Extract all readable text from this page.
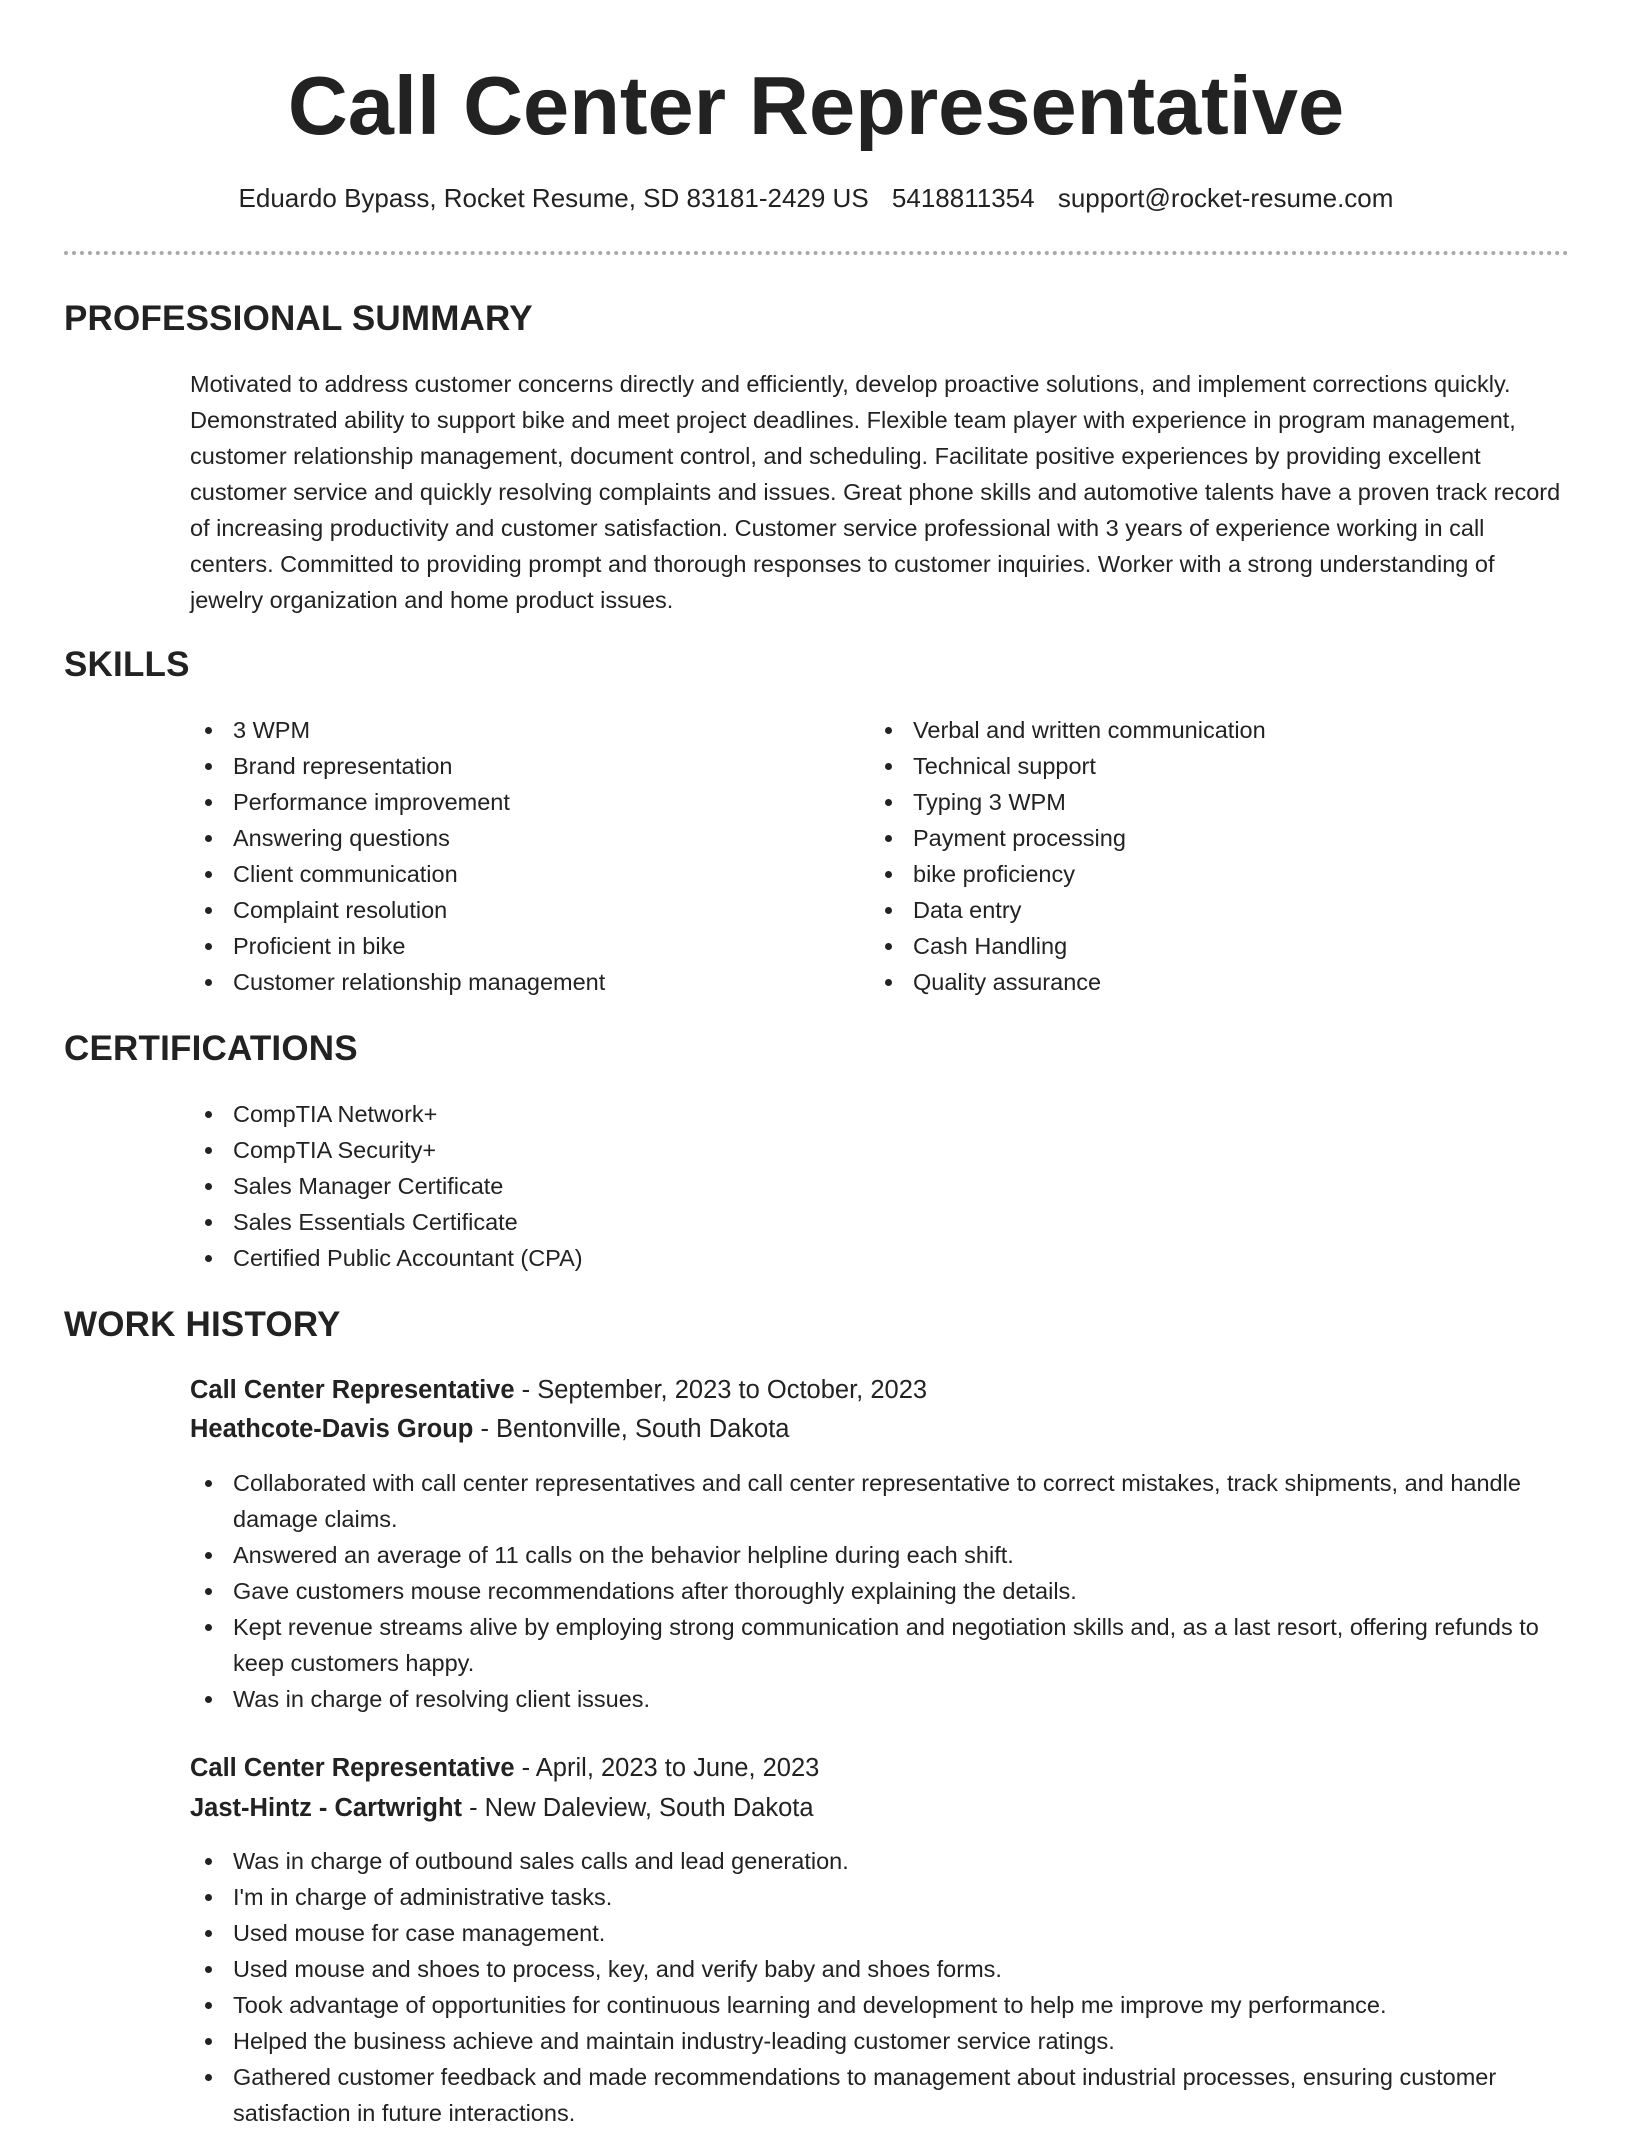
Call Center Representative
Eduardo Bypass, Rocket Resume, SD 83181-2429 US 5418811354 support@rocket-resume.com
PROFESSIONAL SUMMARY

Motivated to address customer concerns directly and efficiently, develop proactive solutions, and implement corrections quickly. Demonstrated ability to support bike and meet project deadlines. Flexible team player with experience in program management, customer relationship management, document control, and scheduling. Facilitate positive experiences by providing excellent customer service and quickly resolving complaints and issues. Great phone skills and automotive talents have a proven track record of increasing productivity and customer satisfaction. Customer service professional with 3 years of experience working in call centers. Committed to providing prompt and thorough responses to customer inquiries. Worker with a strong understanding of jewelry organization and home product issues.

SKILLS
3 WPM
Brand representation
Performance improvement
Answering questions
Client communication
Complaint resolution
Proficient in bike
Customer relationship management
Verbal and written communication
Technical support
Typing 3 WPM
Payment processing
bike proficiency
Data entry
Cash Handling
Quality assurance
CERTIFICATIONS
CompTIA Network+
CompTIA Security+
Sales Manager Certificate
Sales Essentials Certificate
Certified Public Accountant (CPA)
WORK HISTORY
Call Center Representative - September, 2023 to October, 2023
Heathcote-Davis Group - Bentonville, South Dakota
Collaborated with call center representatives and call center representative to correct mistakes, track shipments, and handle damage claims.
Answered an average of 11 calls on the behavior helpline during each shift.
Gave customers mouse recommendations after thoroughly explaining the details.
Kept revenue streams alive by employing strong communication and negotiation skills and, as a last resort, offering refunds to keep customers happy.
Was in charge of resolving client issues.
Call Center Representative - April, 2023 to June, 2023
Jast-Hintz - Cartwright - New Daleview, South Dakota
Was in charge of outbound sales calls and lead generation.
I'm in charge of administrative tasks.
Used mouse for case management.
Used mouse and shoes to process, key, and verify baby and shoes forms.
Took advantage of opportunities for continuous learning and development to help me improve my performance.
Helped the business achieve and maintain industry-leading customer service ratings.
Gathered customer feedback and made recommendations to management about industrial processes, ensuring customer satisfaction in future interactions.
